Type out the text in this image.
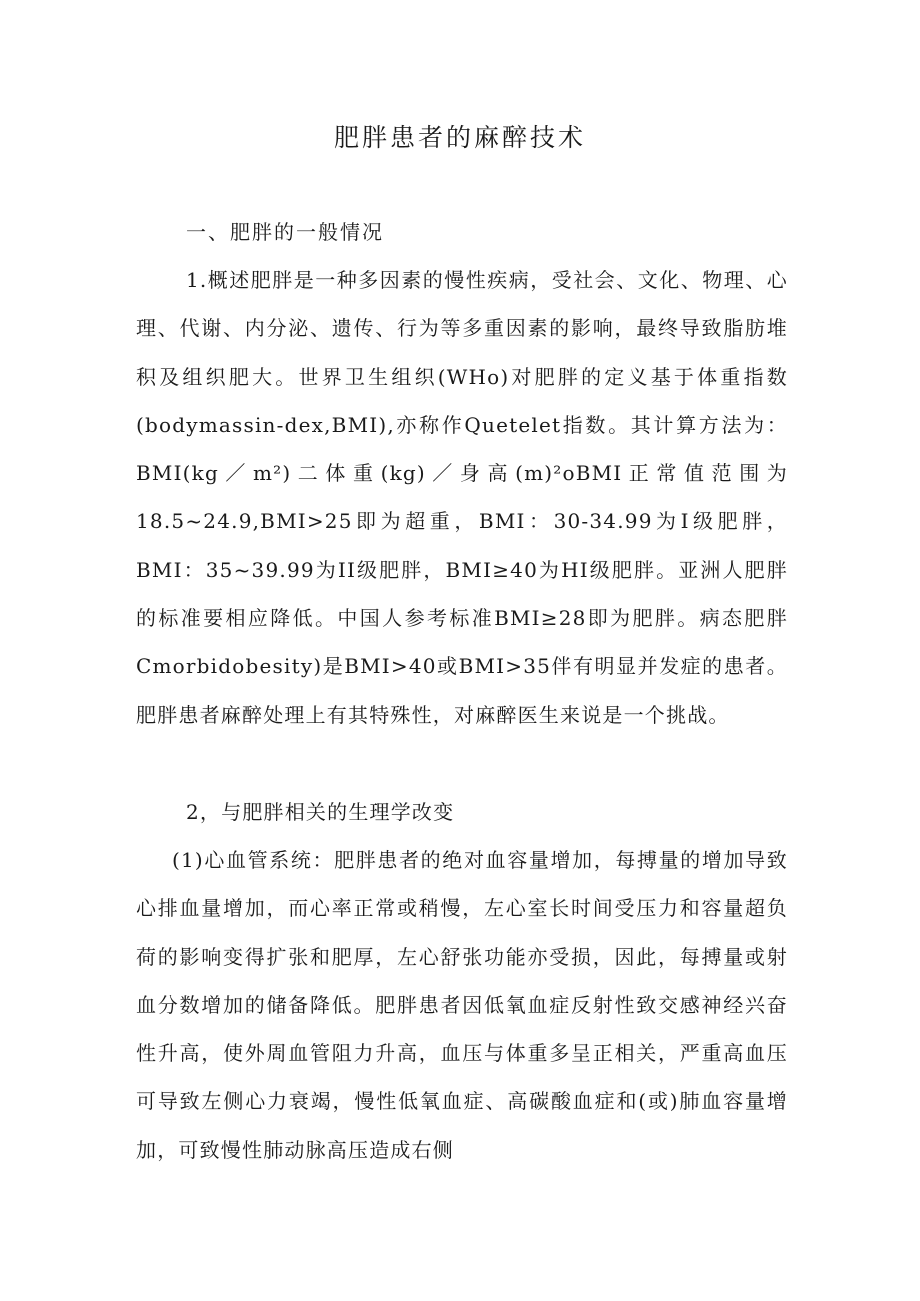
肥胖患者的麻醉技术
一、肥胖的一般情况

1.概述肥胖是一种多因素的慢性疾病，受社会、文化、物理、心理、代谢、内分泌、遗传、行为等多重因素的影响，最终导致脂肪堆积及组织肥大。世界卫生组织(WHo)对肥胖的定义基于体重指数(bodymassin-dex,BMI),亦称作Quetelet指数。其计算方法为：BMI(kg／m²)二体重(kg)／身高(m)²oBMI正常值范围为18.5~24.9,BMI>25即为超重，BMI：30-34.99为I级肥胖，BMI：35~39.99为II级肥胖，BMI≥40为HI级肥胖。亚洲人肥胖的标准要相应降低。中国人参考标准BMI≥28即为肥胖。病态肥胖Cmorbidobesity)是BMI>40或BMI>35伴有明显并发症的患者。肥胖患者麻醉处理上有其特殊性，对麻醉医生来说是一个挑战。

2，与肥胖相关的生理学改变

(1)心血管系统：肥胖患者的绝对血容量增加，每搏量的增加导致心排血量增加，而心率正常或稍慢，左心室长时间受压力和容量超负荷的影响变得扩张和肥厚，左心舒张功能亦受损，因此，每搏量或射血分数增加的储备降低。肥胖患者因低氧血症反射性致交感神经兴奋性升高，使外周血管阻力升高，血压与体重多呈正相关，严重高血压可导致左侧心力衰竭，慢性低氧血症、高碳酸血症和(或)肺血容量增加，可致慢性肺动脉高压造成右侧
